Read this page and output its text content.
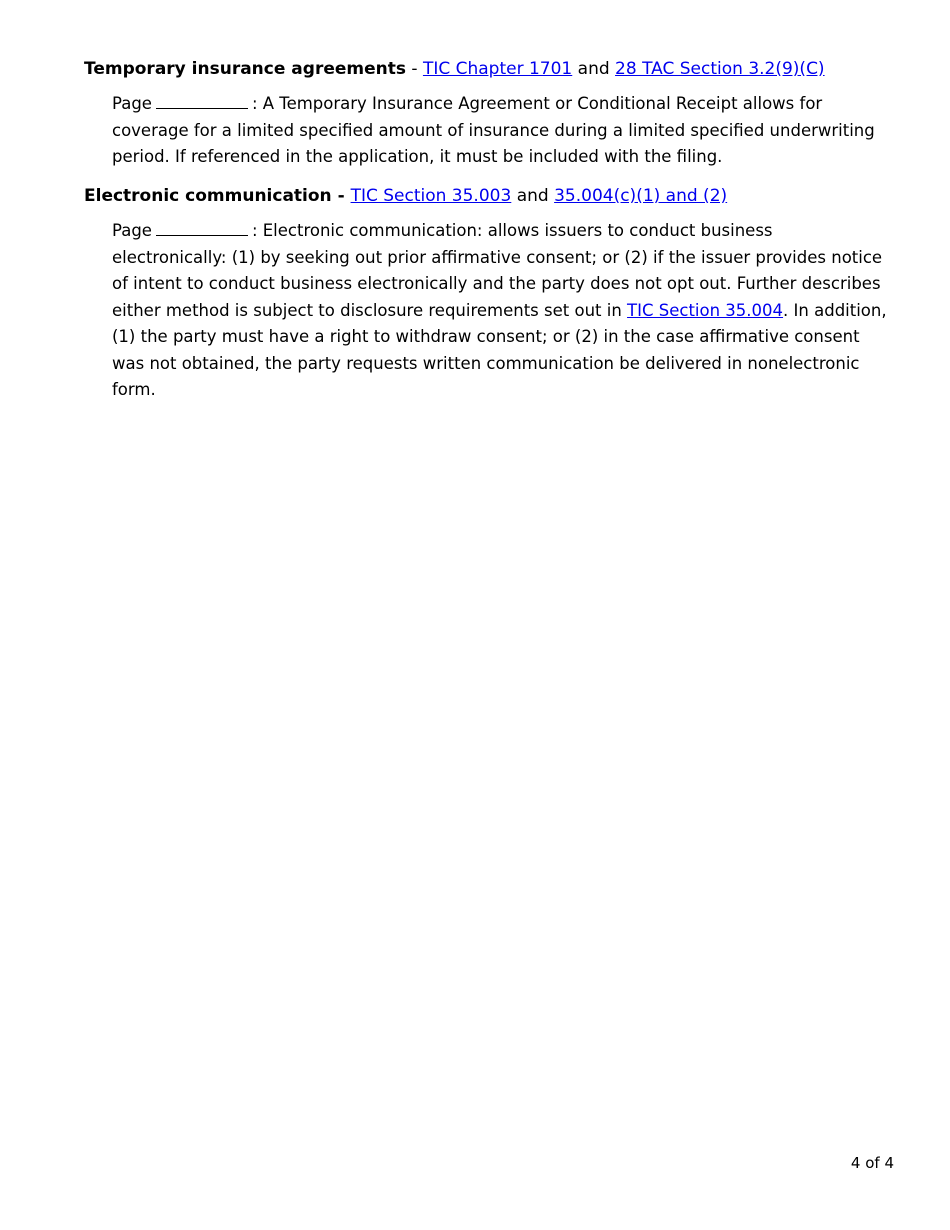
Temporary insurance agreements - TIC Chapter 1701 and 28 TAC Section 3.2(9)(C)
Page	: A Temporary Insurance Agreement or Conditional Receipt allows for coverage for a limited specified amount of insurance during a limited specified underwriting period. If referenced in the application, it must be included with the filing.
Electronic communication - TIC Section 35.003 and 35.004(c)(1) and (2)
Page	: Electronic communication: allows issuers to conduct business electronically: (1) by seeking out prior affirmative consent; or (2) if the issuer provides notice of intent to conduct business electronically and the party does not opt out. Further describes either method is subject to disclosure requirements set out in TIC Section 35.004. In addition, (1) the party must have a right to withdraw consent; or (2) in the case affirmative consent was not obtained, the party requests written communication be delivered in nonelectronic form.
4 of 4
